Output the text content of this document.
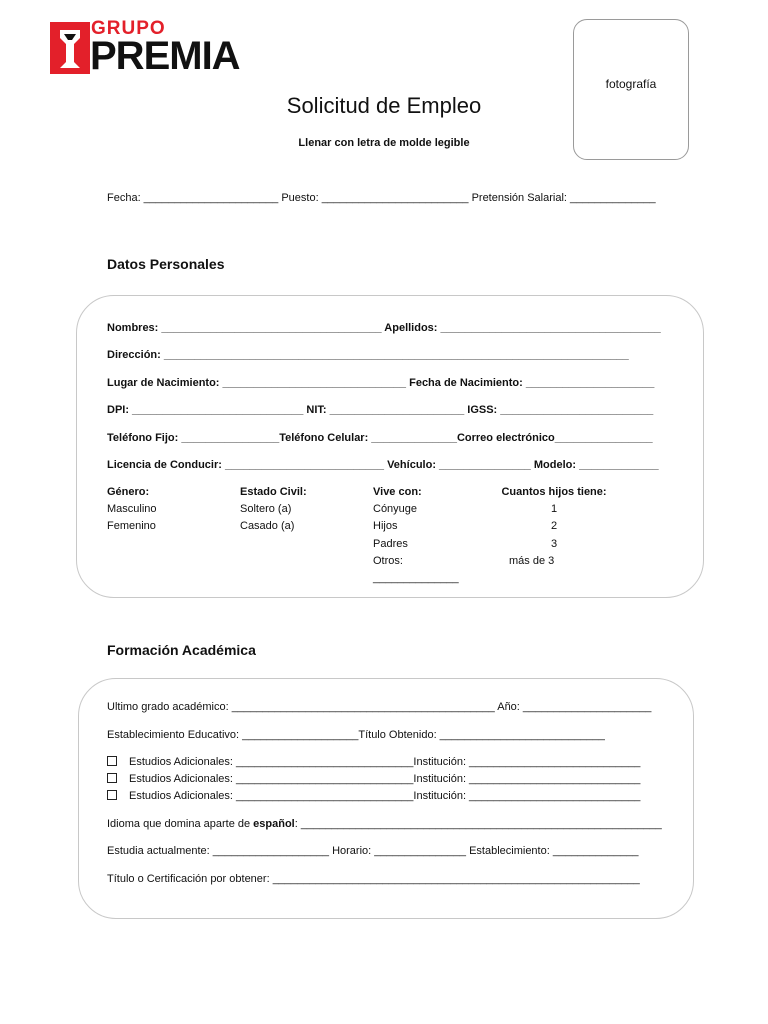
GRUPO
PREMIA
fotografía
Solicitud de Empleo
Llenar con letra de molde legible
Fecha: ______________________ Puesto: ________________________ Pretensión Salarial: ______________
Datos Personales
Nombres: ____________________________________ Apellidos: ____________________________________
Dirección: ____________________________________________________________________________
Lugar de Nacimiento: ______________________________ Fecha de Nacimiento: _____________________
DPI: ____________________________ NIT: ______________________ IGSS: _________________________
Teléfono Fijo: ________________Teléfono Celular: ______________Correo electrónico________________
Licencia de Conducir: __________________________ Vehículo: _______________ Modelo: _____________
Género:
Masculino
Femenino
Estado Civil:
Soltero (a)
Casado (a)
Vive con:
Cónyuge
Hijos
Padres
Otros:
______________
Cuantos hijos tiene:
1
2
3
más de 3
Formación Académica
Ultimo grado académico: ___________________________________________ Año: _____________________
Establecimiento Educativo: ___________________Título Obtenido: ___________________________
Estudios Adicionales: _____________________________Institución: ____________________________
Estudios Adicionales: _____________________________Institución: ____________________________
Estudios Adicionales: _____________________________Institución: ____________________________
Idioma que domina aparte de español: ___________________________________________________________
Estudia actualmente: ___________________ Horario: _______________ Establecimiento: ______________
Título o Certificación por obtener: ____________________________________________________________
